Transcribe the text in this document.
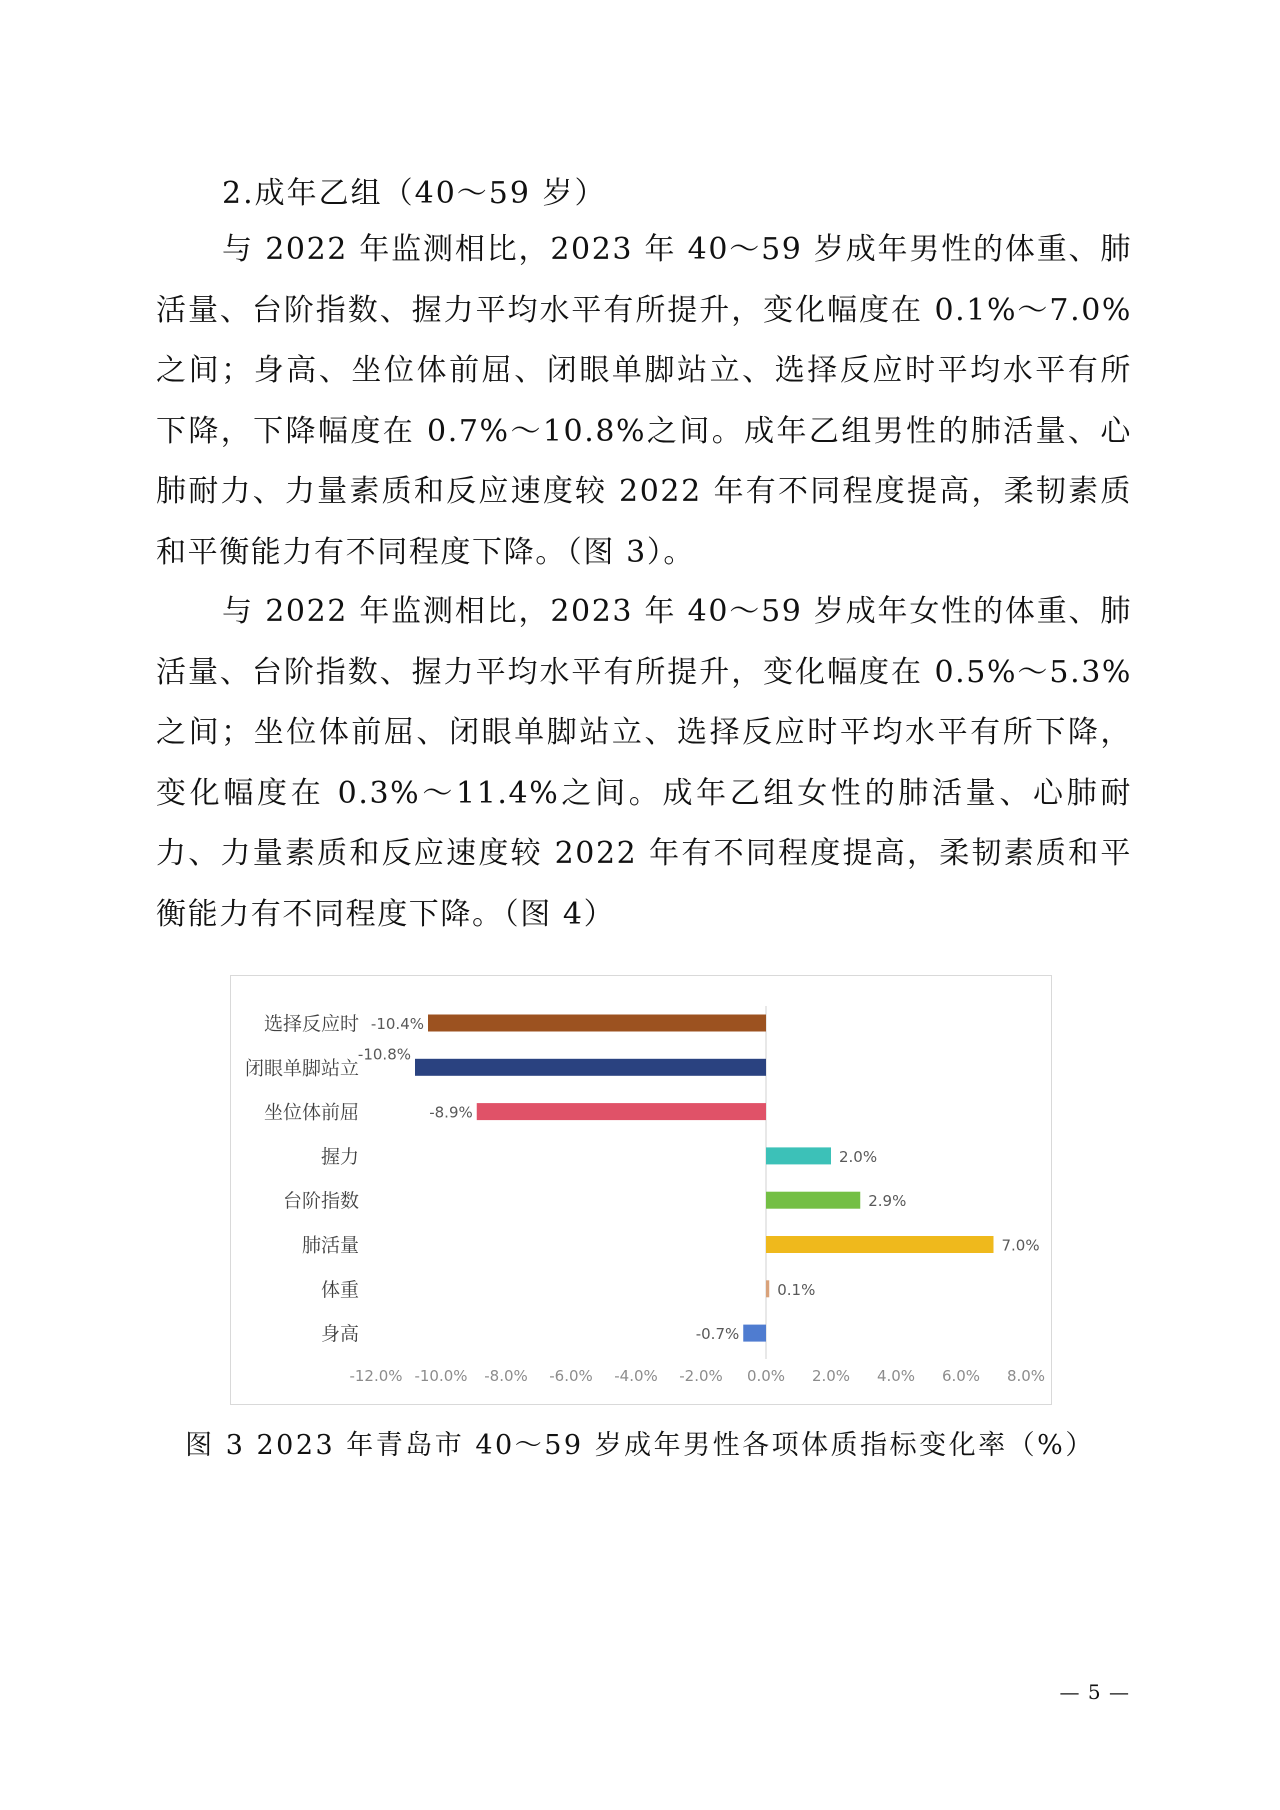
2.成年乙组（40～59 岁）

与 2022 年监测相比，2023 年 40～59 岁成年男性的体重、肺活量、台阶指数、握力平均水平有所提升，变化幅度在 0.1%～7.0%之间；身高、坐位体前屈、闭眼单脚站立、选择反应时平均水平有所下降，下降幅度在 0.7%～10.8%之间。成年乙组男性的肺活量、心肺耐力、力量素质和反应速度较 2022 年有不同程度提高，柔韧素质和平衡能力有不同程度下降。（图 3）。

与 2022 年监测相比，2023 年 40～59 岁成年女性的体重、肺活量、台阶指数、握力平均水平有所提升，变化幅度在 0.5%～5.3%之间；坐位体前屈、闭眼单脚站立、选择反应时平均水平有所下降，变化幅度在 0.3%～11.4%之间。成年乙组女性的肺活量、心肺耐力、力量素质和反应速度较 2022 年有不同程度提高，柔韧素质和平衡能力有不同程度下降。（图 4）

选择反应时 -10.4%
闭眼单脚站立
-10.8%
坐位体前屈	-8.9%
握力	2.0%
台阶指数	2.9%
肺活量	7.0%
体重	0.1%
身高	-0.7%
-12.0% -10.0% -8.0% -6.0% -4.0% -2.0% 0.0% 2.0% 4.0% 6.0% 8.0%
图 3 2023 年青岛市 40～59 岁成年男性各项体质指标变化率（%）
— 5 —
